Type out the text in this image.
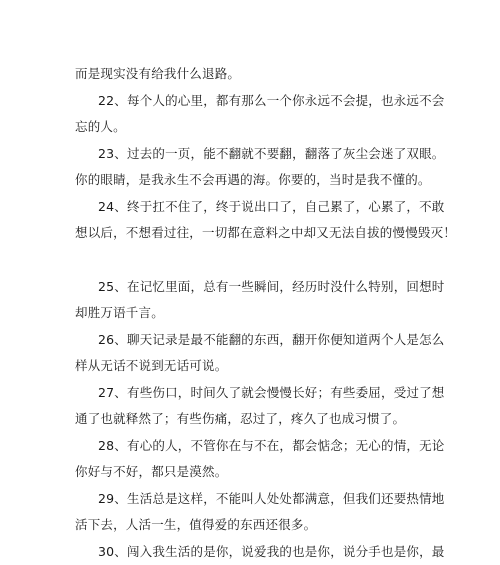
而是现实没有给我什么退路。
22、每个人的心里，都有那么一个你永远不会提，也永远不会
忘的人。
23、过去的一页，能不翻就不要翻，翻落了灰尘会迷了双眼。
你的眼睛，是我永生不会再遇的海。你要的，当时是我不懂的。
24、终于扛不住了，终于说出口了，自己累了，心累了，不敢
想以后，不想看过往，一切都在意料之中却又无法自拔的慢慢毁灭！
25、在记忆里面，总有一些瞬间，经历时没什么特别，回想时
却胜万语千言。
26、聊天记录是最不能翻的东西，翻开你便知道两个人是怎么
样从无话不说到无话可说。
27、有些伤口，时间久了就会慢慢长好；有些委屈，受过了想
通了也就释然了；有些伤痛，忍过了，疼久了也成习惯了。
28、有心的人，不管你在与不在，都会惦念；无心的情，无论
你好与不好，都只是漠然。
29、生活总是这样，不能叫人处处都满意，但我们还要热情地
活下去，人活一生，值得爱的东西还很多。
30、闯入我生活的是你，说爱我的也是你，说分手也是你，最
